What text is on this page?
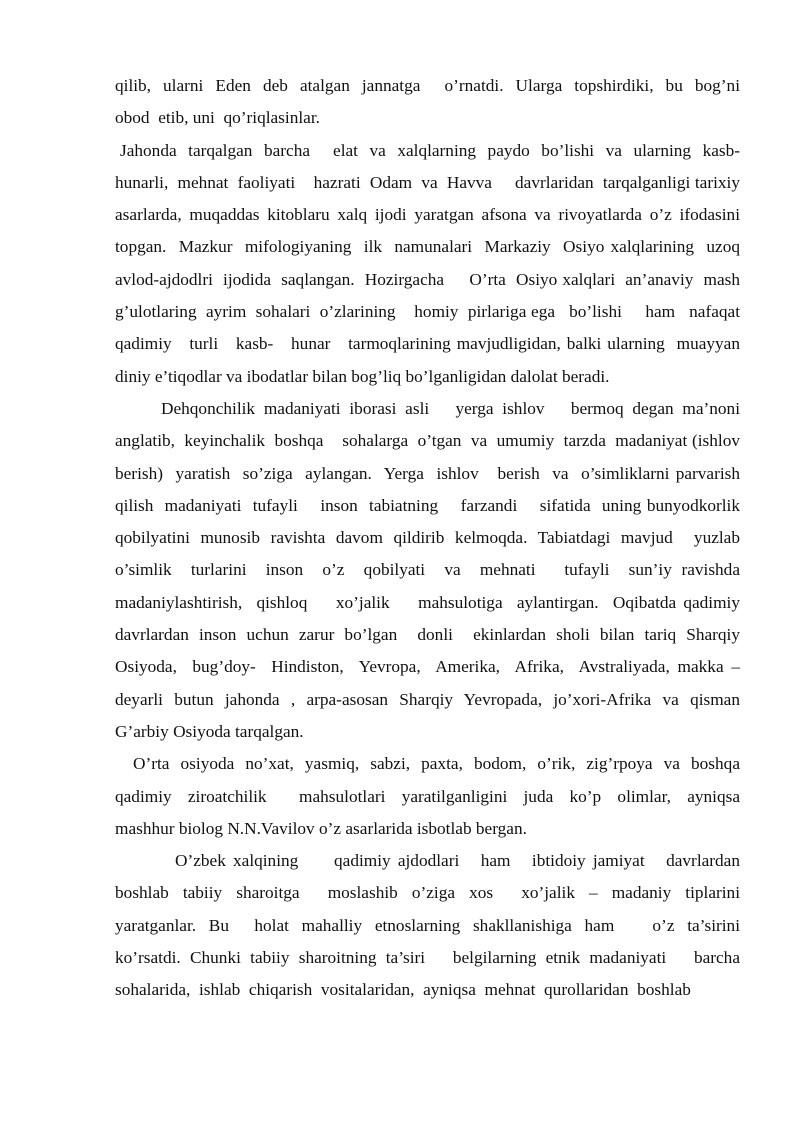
qilib,  ularni  Eden  deb  atalgan  jannatga    o’rnatdi.  Ularga  topshirdiki,  bu  bog’ni obod  etib, uni  qo’riqlasinlar.

Jahonda  tarqalgan  barcha    elat  va  xalqlarning  paydo  bo’lishi  va  ularning  kasb-hunarli,  mehnat  faoliyati    hazrati  Odam  va  Havva     davrlaridan  tarqalganligi tarixiy asarlarda, muqaddas kitoblaru xalq ijodi yaratgan afsona va rivoyatlarda o’z ifodasini  topgan.  Mazkur  mifologiyaning  ilk  namunalari  Markaziy  Osiyo xalqlarining  uzoq  avlod-ajdodlri  ijodida  saqlangan.  Hozirgacha     O’rta  Osiyo xalqlari  an’anaviy  mash  g’ulotlaring  ayrim  sohalari  o’zlarining    homiy  pirlariga ega   bo’lishi     ham   nafaqat          qadimiy   turli   kasb-   hunar   tarmoqlarining mavjudligidan, balki ularning  muayyan diniy e’tiqodlar va ibodatlar bilan bog’liq bo’lganligidan dalolat beradi.

Dehqonchilik madaniyati iborasi asli   yerga ishlov   bermoq degan ma’noni anglatib,  keyinchalik  boshqa    sohalarga  o’tgan  va  umumiy  tarzda  madaniyat (ishlov  berish)  yaratish  so’ziga  aylangan.  Yerga  ishlov   berish  va  o’simliklarni parvarish  qilish  madaniyati  tufayli    inson  tabiatning    farzandi    sifatida  uning bunyodkorlik     qobilyatini munosib ravishta davom qildirib kelmoqda. Tabiatdagi mavjud  yuzlab    o’simlik  turlarini  inson  o’z  qobilyati  va  mehnati   tufayli  sun’iy ravishda  madaniylashtirish,  qishloq    xo’jalik    mahsulotiga  aylantirgan.  Oqibatda qadimiy davrlardan inson uchun zarur bo’lgan  donli  ekinlardan sholi bilan tariq Sharqiy  Osiyoda,  bug’doy-  Hindiston,  Yevropa,  Amerika,  Afrika,  Avstraliyada, makka –deyarli butun jahonda , arpa-asosan Sharqiy Yevropada, jo’xori-Afrika va qisman   G’arbiy Osiyoda tarqalgan.

O’rta  osiyoda  no’xat,  yasmiq,  sabzi,  paxta,  bodom,  o’rik,  zig’rpoya  va  boshqa qadimiy  ziroatchilik    mahsulotlari  yaratilganligini  juda  ko’p  olimlar,  ayniqsa mashhur biolog N.N.Vavilov o’z asarlarida isbotlab bergan.

O’zbek xalqining     qadimiy ajdodlari   ham   ibtidoiy jamiyat   davrlardan boshlab  tabiiy  sharoitga    moslashib  o’ziga  xos    xo’jalik  –  madaniy  tiplarini yaratganlar.  Bu    holat  mahalliy  etnoslarning  shakllanishiga  ham      o’z  ta’sirini ko’rsatdi. Chunki tabiiy sharoitning ta’siri   belgilarning etnik madaniyati   barcha sohalarida,  ishlab  chiqarish  vositalaridan,  ayniqsa  mehnat  qurollaridan  boshlab
